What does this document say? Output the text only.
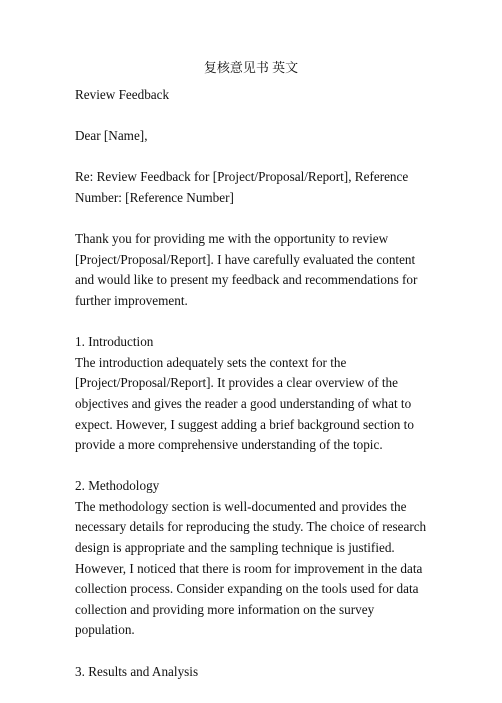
复核意见书 英文

Review Feedback

Dear [Name],

Re: Review Feedback for [Project/Proposal/Report], Reference Number: [Reference Number]

Thank you for providing me with the opportunity to review [Project/Proposal/Report]. I have carefully evaluated the content and would like to present my feedback and recommendations for further improvement.

1. Introduction
The introduction adequately sets the context for the [Project/Proposal/Report]. It provides a clear overview of the objectives and gives the reader a good understanding of what to expect. However, I suggest adding a brief background section to provide a more comprehensive understanding of the topic.

2. Methodology
The methodology section is well-documented and provides the necessary details for reproducing the study. The choice of research design is appropriate and the sampling technique is justified. However, I noticed that there is room for improvement in the data collection process. Consider expanding on the tools used for data collection and providing more information on the survey population.

3. Results and Analysis
